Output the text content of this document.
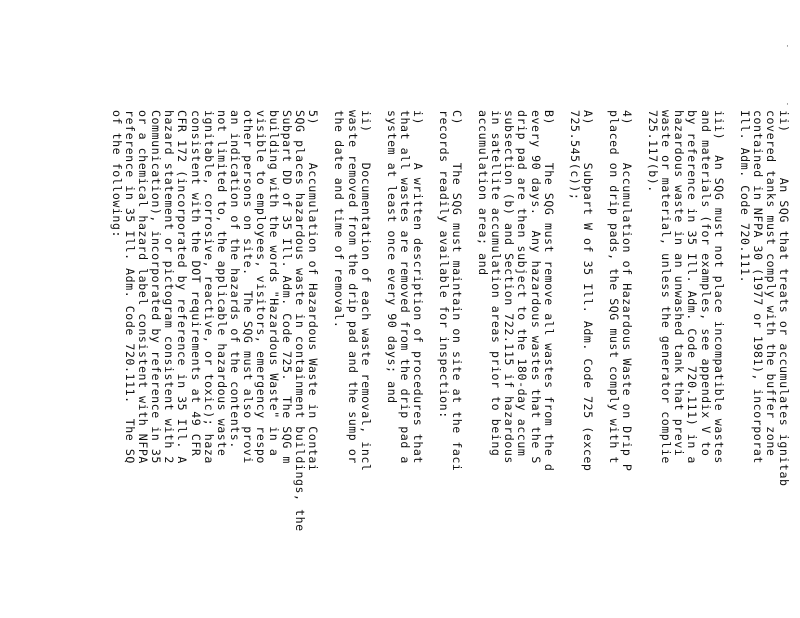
ii)      An SQG that treats or accumulates ignitab
covered tanks must comply with the buffer zone
contained in NFPA 30 (1977 or 1981), incorporat
Ill. Adm. Code 720.111.
iii)  An SQG must not place incompatible wastes
and materials (for examples, see appendix V to
by reference in 35 Ill. Adm. Code 720.111) in a
hazardous waste in an unwashed tank that previ
waste or material, unless the generator complie
725.117(b).
4)     Accumulation of Hazardous Waste on Drip P
placed on drip pads, the SQG must comply with t
A)     Subpart W of 35 Ill. Adm. Code 725 (excep
725.545(c));
B)     The SQG must remove all wastes from the d
every 90 days.  Any hazardous wastes that the S
drip pad are then subject to the 180-day accum
subsection (b) and Section 722.115 if hazardous
in satellite accumulation areas prior to being
accumulation area; and
C)     The SQG must maintain on site at the faci
records readily available for inspection:
i)     A written description of procedures that
that all wastes are removed from the drip pad a
system at least once every 90 days; and
ii)    Documentation of each waste removal, incl
waste removed from the drip pad and the sump or
the date and time of removal.
5)     Accumulation of Hazardous Waste in Contai
SQG places hazardous waste in containment buildings, the
Subpart DD of 35 Ill. Adm. Code 725.  The SQG m
building with the words "Hazardous Waste" in a
visible to employees, visitors, emergency respo
other persons on site.  The SQG must also provi
an indication of the hazards of the contents.
not limited to, the applicable hazardous waste
ignitable, corrosive, reactive, or toxic); haza
consistent with the DOT requirements at 49 CFR
CFR 172 (incorporated by reference in 35 Ill. A
hazard statement or pictogram consistent with 2
Communication), incorporated by reference in 35
or a chemical hazard label consistent with NFPA
reference in 35 Ill. Adm. Code 720.111.  The SQ
of the following:
·
·
